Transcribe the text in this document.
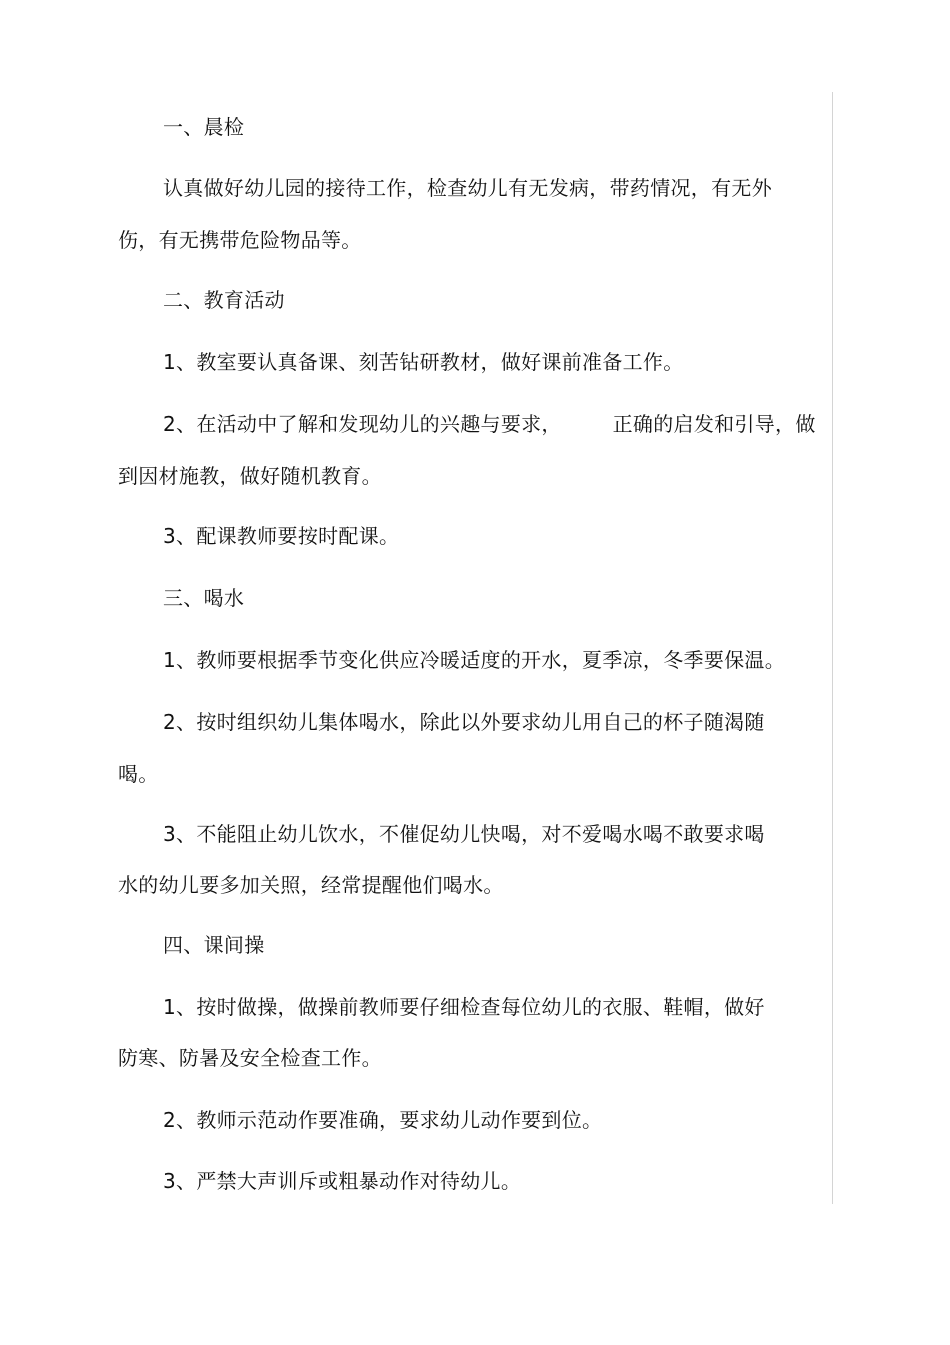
一、晨检
认真做好幼儿园的接待工作，检查幼儿有无发病，带药情况，有无外
伤，有无携带危险物品等。
二、教育活动
1、教室要认真备课、刻苦钻研教材，做好课前准备工作。
2、在活动中了解和发现幼儿的兴趣与要求，　　　正确的启发和引导，做
到因材施教，做好随机教育。
3、配课教师要按时配课。
三、喝水
1、教师要根据季节变化供应冷暖适度的开水，夏季凉，冬季要保温。
2、按时组织幼儿集体喝水，除此以外要求幼儿用自己的杯子随渴随
喝。
3、不能阻止幼儿饮水，不催促幼儿快喝，对不爱喝水喝不敢要求喝
水的幼儿要多加关照，经常提醒他们喝水。
四、课间操
1、按时做操，做操前教师要仔细检查每位幼儿的衣服、鞋帽，做好
防寒、防暑及安全检查工作。
2、教师示范动作要准确，要求幼儿动作要到位。
3、严禁大声训斥或粗暴动作对待幼儿。
